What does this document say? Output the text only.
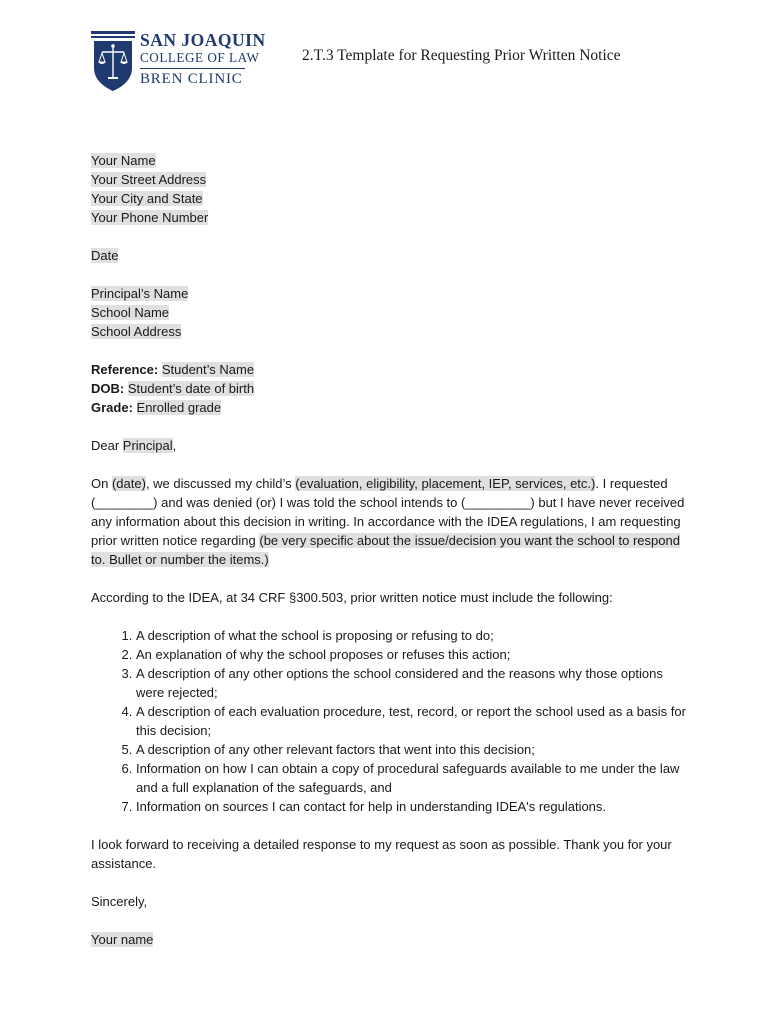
SAN JOAQUIN
COLLEGE OF LAW
BREN CLINIC
2.T.3 Template for Requesting Prior Written Notice
Your Name
Your Street Address
Your City and State
Your Phone Number
Date
Principal’s Name
School Name
School Address
Reference: Student’s Name
DOB: Student’s date of birth
Grade: Enrolled grade
Dear Principal,
On (date), we discussed my child’s (evaluation, eligibility, placement, IEP, services, etc.). I requested (________) and was denied (or) I was told the school intends to (_________) but I have never received any information about this decision in writing. In accordance with the IDEA regulations, I am requesting prior written notice regarding (be very specific about the issue/decision you want the school to respond to. Bullet or number the items.)
According to the IDEA, at 34 CRF §300.503, prior written notice must include the following:
1. A description of what the school is proposing or refusing to do;
2. An explanation of why the school proposes or refuses this action;
3. A description of any other options the school considered and the reasons why those options were rejected;
4. A description of each evaluation procedure, test, record, or report the school used as a basis for this decision;
5. A description of any other relevant factors that went into this decision;
6. Information on how I can obtain a copy of procedural safeguards available to me under the law and a full explanation of the safeguards, and
7. Information on sources I can contact for help in understanding IDEA's regulations.
I look forward to receiving a detailed response to my request as soon as possible. Thank you for your assistance.
Sincerely,
Your name
